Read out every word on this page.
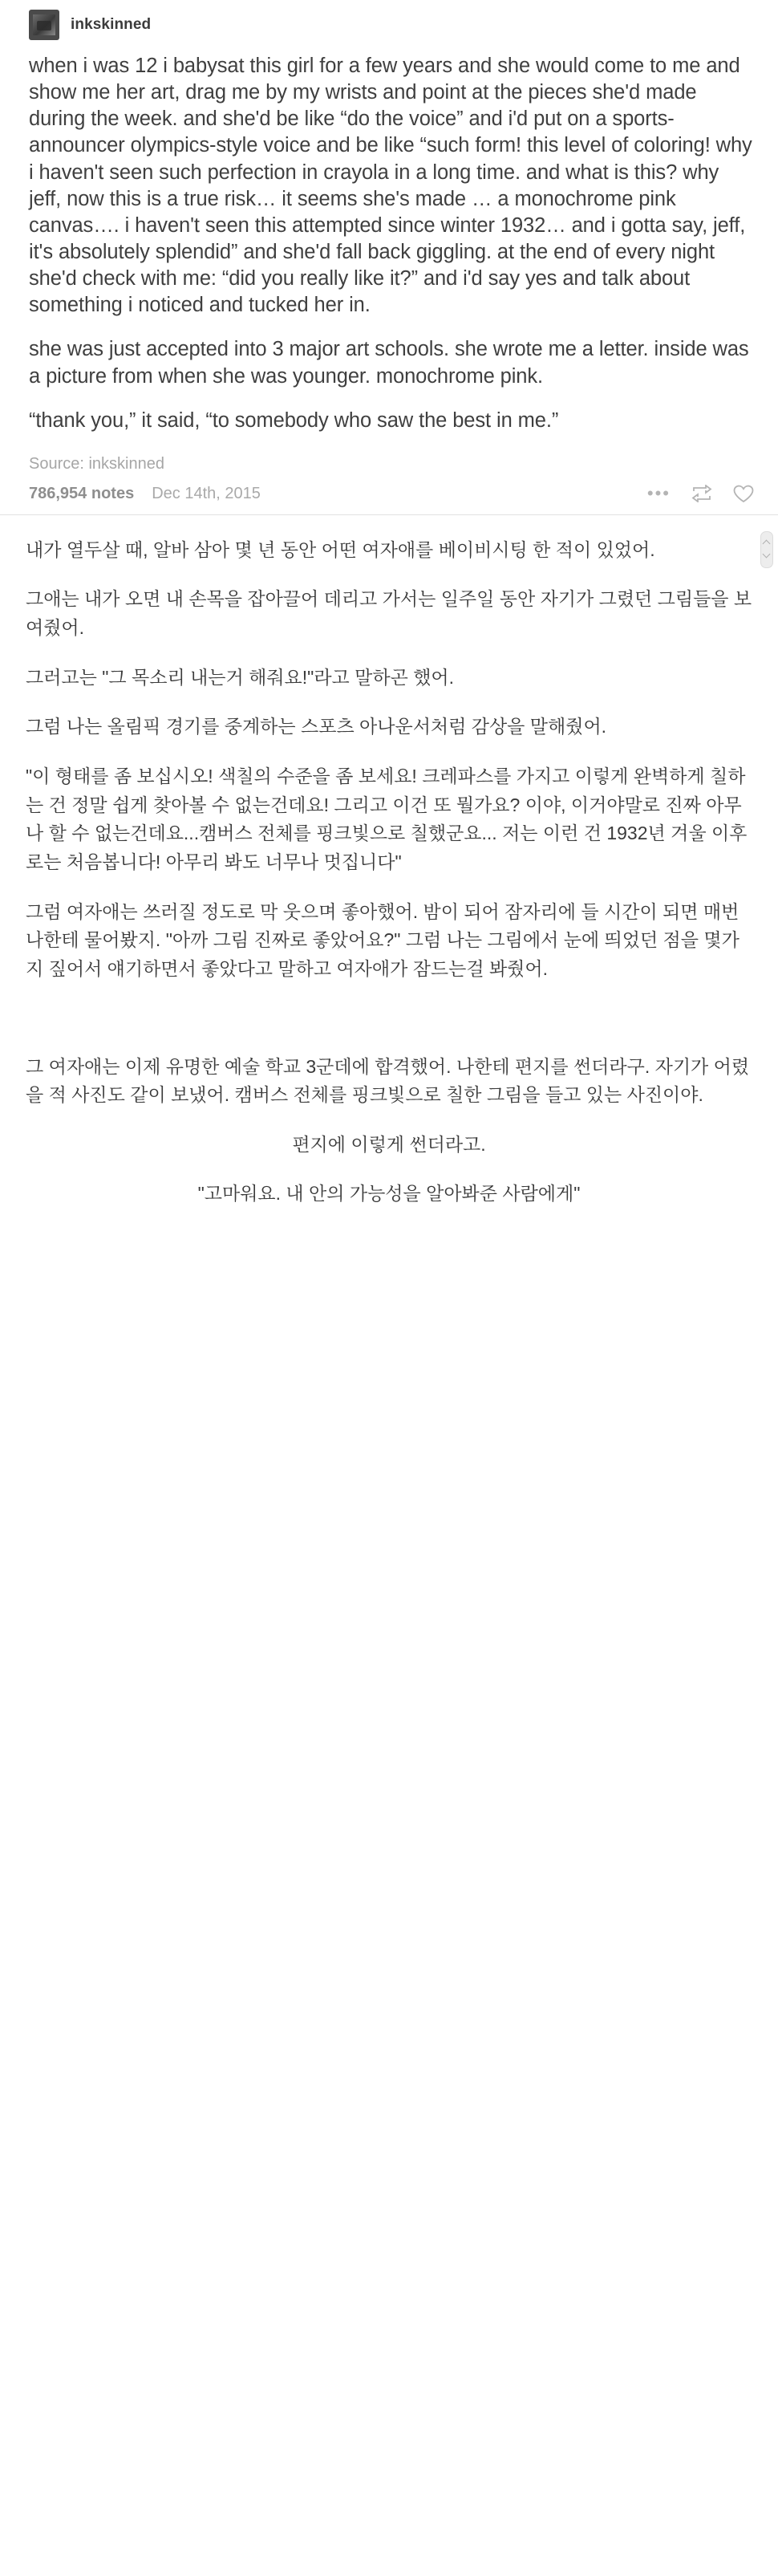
inkskinned

when i was 12 i babysat this girl for a few years and she would come to me and show me her art, drag me by my wrists and point at the pieces she'd made during the week. and she'd be like “do the voice” and i'd put on a sports-announcer olympics-style voice and be like “such form! this level of coloring! why i haven't seen such perfection in crayola in a long time. and what is this? why jeff, now this is a true risk… it seems she's made … a monochrome pink canvas…. i haven't seen this attempted since winter 1932… and i gotta say, jeff, it's absolutely splendid” and she'd fall back giggling. at the end of every night she'd check with me: “did you really like it?” and i'd say yes and talk about something i noticed and tucked her in.

she was just accepted into 3 major art schools. she wrote me a letter. inside was a picture from when she was younger. monochrome pink.

“thank you,” it said, “to somebody who saw the best in me.”

Source: inkskinned
786,954 notes Dec 14th, 2015	•••

내가 열두살 때, 알바 삼아 몇 년 동안 어떤 여자애를 베이비시팅 한 적이 있었어.

그애는 내가 오면 내 손목을 잡아끌어 데리고 가서는 일주일 동안 자기가 그렸던 그림들을 보여줬어.

그러고는 "그 목소리 내는거 해줘요!"라고 말하곤 했어.

그럼 나는 올림픽 경기를 중계하는 스포츠 아나운서처럼 감상을 말해줬어.

"이 형태를 좀 보십시오! 색칠의 수준을 좀 보세요! 크레파스를 가지고 이렇게 완벽하게 칠하는 건 정말 쉽게 찾아볼 수 없는건데요! 그리고 이건 또 뭘가요? 이야, 이거야말로 진짜 아무나 할 수 없는건데요...캠버스 전체를 핑크빛으로 칠했군요... 저는 이런 건 1932년 겨울 이후로는 처음봅니다! 아무리 봐도 너무나 멋집니다"

그럼 여자애는 쓰러질 정도로 막 웃으며 좋아했어. 밤이 되어 잠자리에 들 시간이 되면 매번 나한테 물어봤지. "아까 그림 진짜로 좋았어요?" 그럼 나는 그림에서 눈에 띄었던 점을 몇가지 짚어서 얘기하면서 좋았다고 말하고 여자애가 잠드는걸 봐줬어.

그 여자애는 이제 유명한 예술 학교 3군데에 합격했어. 나한테 편지를 썬더라구. 자기가 어렸을 적 사진도 같이 보냈어. 캠버스 전체를 핑크빛으로 칠한 그림을 들고 있는 사진이야.

편지에 이렇게 썬더라고.

"고마워요. 내 안의 가능성을 알아봐준 사람에게"
